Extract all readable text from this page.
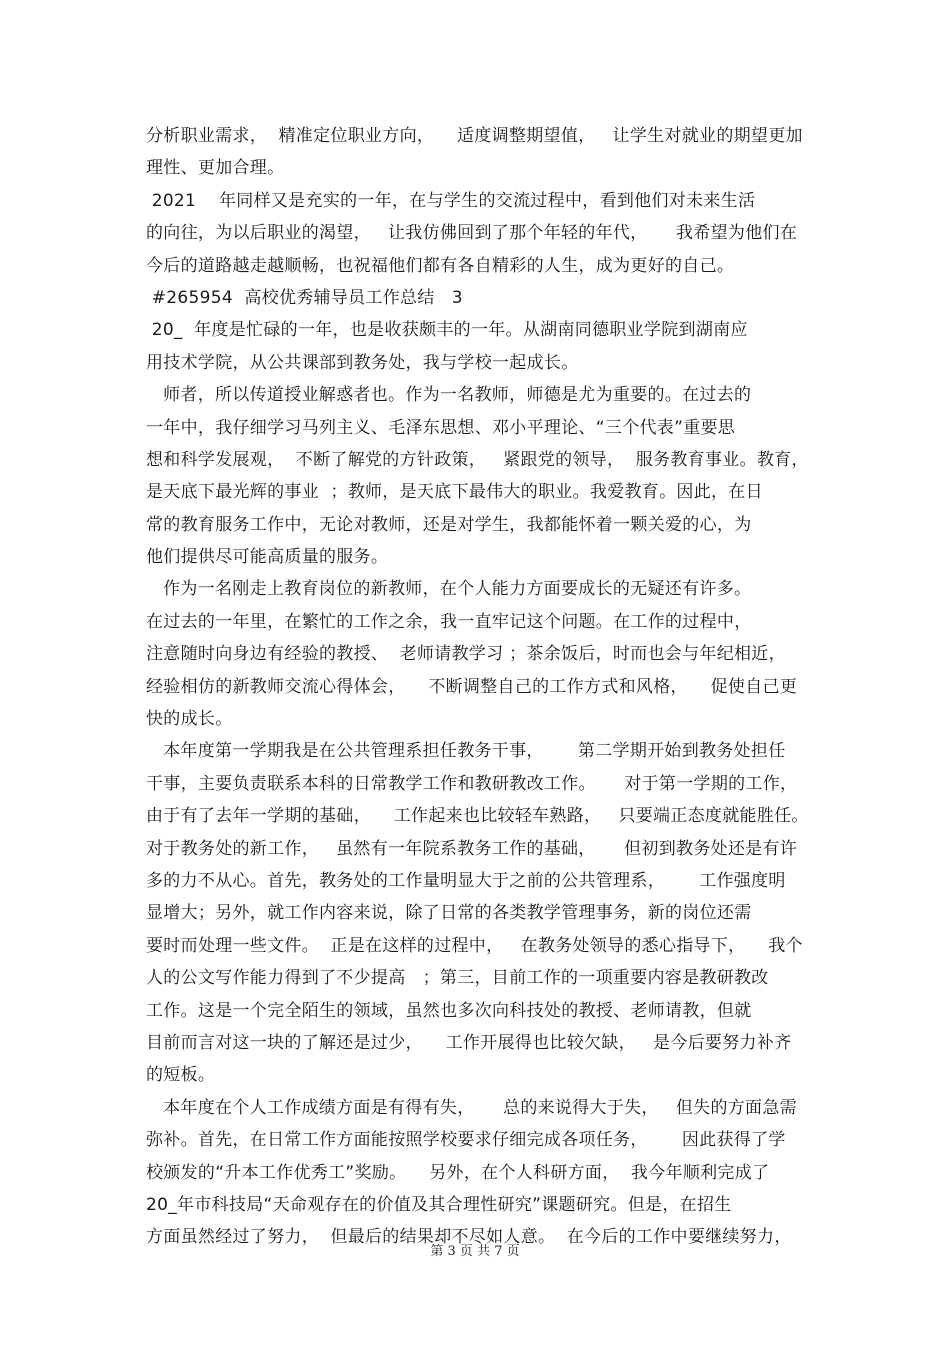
分析职业需求，  精准定位职业方向，    适度调整期望值，   让学生对就业的期望更加
理性、更加合理。
2021    年同样又是充实的一年，在与学生的交流过程中，看到他们对未来生活
的向往，为以后职业的渴望，   让我仿佛回到了那个年轻的年代，     我希望为他们在
今后的道路越走越顺畅，也祝福他们都有各自精彩的人生，成为更好的自己。
#265954  高校优秀辅导员工作总结   3
20_  年度是忙碌的一年，也是收获颇丰的一年。从湖南同德职业学院到湖南应
用技术学院，从公共课部到教务处，我与学校一起成长。
师者，所以传道授业解惑者也。作为一名教师，师德是尤为重要的。在过去的
一年中，我仔细学习马列主义、毛泽东思想、邓小平理论、“三个代表”重要思
想和科学发展观，  不断了解党的方针政策，   紧跟党的领导，  服务教育事业。教育，
是天底下最光辉的事业  ；教师，是天底下最伟大的职业。我爱教育。因此，在日
常的教育服务工作中，无论对教师，还是对学生，我都能怀着一颗关爱的心，为
他们提供尽可能高质量的服务。
作为一名刚走上教育岗位的新教师，在个人能力方面要成长的无疑还有许多。
在过去的一年里，在繁忙的工作之余，我一直牢记这个问题。在工作的过程中，
注意随时向身边有经验的教授、  老师请教学习 ；茶余饭后，时而也会与年纪相近，
经验相仿的新教师交流心得体会，    不断调整自己的工作方式和风格，    促使自己更
快的成长。
本年度第一学期我是在公共管理系担任教务干事，      第二学期开始到教务处担任
干事，主要负责联系本科的日常教学工作和教研教改工作。     对于第一学期的工作，
由于有了去年一学期的基础，    工作起来也比较轻车熟路，   只要端正态度就能胜任。
对于教务处的新工作，   虽然有一年院系教务工作的基础，     但初到教务处还是有许
多的力不从心。首先，教务处的工作量明显大于之前的公共管理系，      工作强度明
显增大；另外，就工作内容来说，除了日常的各类教学管理事务，新的岗位还需
要时而处理一些文件。  正是在这样的过程中，   在教务处领导的悉心指导下，    我个
人的公文写作能力得到了不少提高   ；第三，目前工作的一项重要内容是教研教改
工作。这是一个完全陌生的领域，虽然也多次向科技处的教授、老师请教，但就
目前而言对这一块的了解还是过少，    工作开展得也比较欠缺，   是今后要努力补齐
的短板。
本年度在个人工作成绩方面是有得有失，     总的来说得大于失，   但失的方面急需
弥补。首先，在日常工作方面能按照学校要求仔细完成各项任务，      因此获得了学
校颁发的“升本工作优秀工”奖励。    另外，在个人科研方面，  我今年顺利完成了
20_年市科技局“天命观存在的价值及其合理性研究”课题研究。但是，在招生
方面虽然经过了努力，  但最后的结果却不尽如人意。  在今后的工作中要继续努力，
第 3 页 共 7 页
